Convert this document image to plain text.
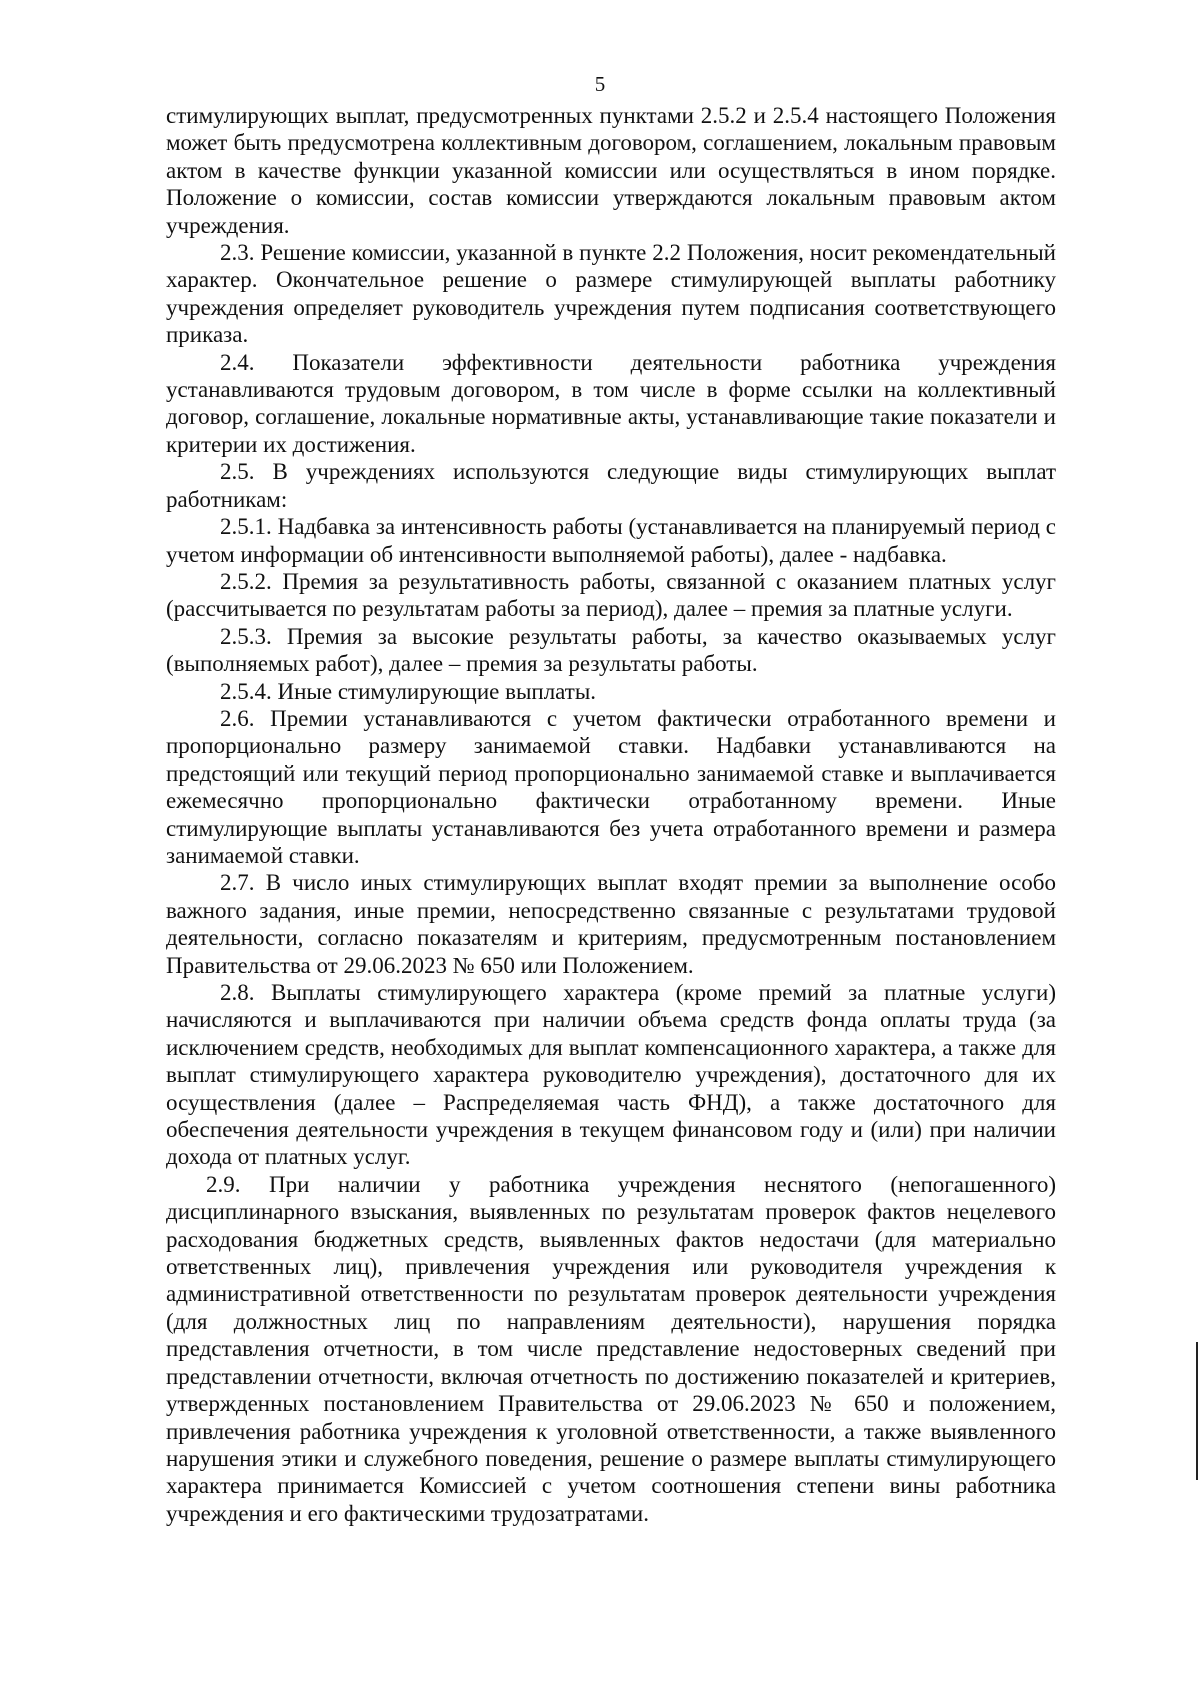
5

стимулирующих выплат, предусмотренных пунктами 2.5.2 и 2.5.4 настоящего Положения может быть предусмотрена коллективным договором, соглашением, локальным правовым актом в качестве функции указанной комиссии или осуществляться в ином порядке. Положение о комиссии, состав комиссии утверждаются локальным правовым актом учреждения.

2.3. Решение комиссии, указанной в пункте 2.2 Положения, носит рекомендательный характер. Окончательное решение о размере стимулирующей выплаты работнику учреждения определяет руководитель учреждения путем подписания соответствующего приказа.

2.4. Показатели эффективности деятельности работника учреждения устанавливаются трудовым договором, в том числе в форме ссылки на коллективный договор, соглашение, локальные нормативные акты, устанавливающие такие показатели и критерии их достижения.

2.5. В учреждениях используются следующие виды стимулирующих выплат работникам:

2.5.1. Надбавка за интенсивность работы (устанавливается на планируемый период с учетом информации об интенсивности выполняемой работы), далее - надбавка.

2.5.2. Премия за результативность работы, связанной с оказанием платных услуг (рассчитывается по результатам работы за период), далее – премия за платные услуги.

2.5.3. Премия за высокие результаты работы, за качество оказываемых услуг (выполняемых работ), далее – премия за результаты работы.

2.5.4. Иные стимулирующие выплаты.

2.6. Премии устанавливаются с учетом фактически отработанного времени и пропорционально размеру занимаемой ставки. Надбавки устанавливаются на предстоящий или текущий период пропорционально занимаемой ставке и выплачивается ежемесячно пропорционально фактически отработанному времени. Иные стимулирующие выплаты устанавливаются без учета отработанного времени и размера занимаемой ставки.

2.7. В число иных стимулирующих выплат входят премии за выполнение особо важного задания, иные премии, непосредственно связанные с результатами трудовой деятельности, согласно показателям и критериям, предусмотренным постановлением Правительства от 29.06.2023 № 650 или Положением.

2.8. Выплаты стимулирующего характера (кроме премий за платные услуги) начисляются и выплачиваются при наличии объема средств фонда оплаты труда (за исключением средств, необходимых для выплат компенсационного характера, а также для выплат стимулирующего характера руководителю учреждения), достаточного для их осуществления (далее – Распределяемая часть ФНД), а также достаточного для обеспечения деятельности учреждения в текущем финансовом году и (или) при наличии дохода от платных услуг.

2.9. При наличии у работника учреждения неснятого (непогашенного) дисциплинарного взыскания, выявленных по результатам проверок фактов нецелевого расходования бюджетных средств, выявленных фактов недостачи (для материально ответственных лиц), привлечения учреждения или руководителя учреждения к административной ответственности по результатам проверок деятельности учреждения (для должностных лиц по направлениям деятельности), нарушения порядка представления отчетности, в том числе представление недостоверных сведений при представлении отчетности, включая отчетность по достижению показателей и критериев, утвержденных постановлением Правительства от 29.06.2023 № 650 и положением, привлечения работника учреждения к уголовной ответственности, а также выявленного нарушения этики и служебного поведения, решение о размере выплаты стимулирующего характера принимается Комиссией с учетом соотношения степени вины работника учреждения и его фактическими трудозатратами.
